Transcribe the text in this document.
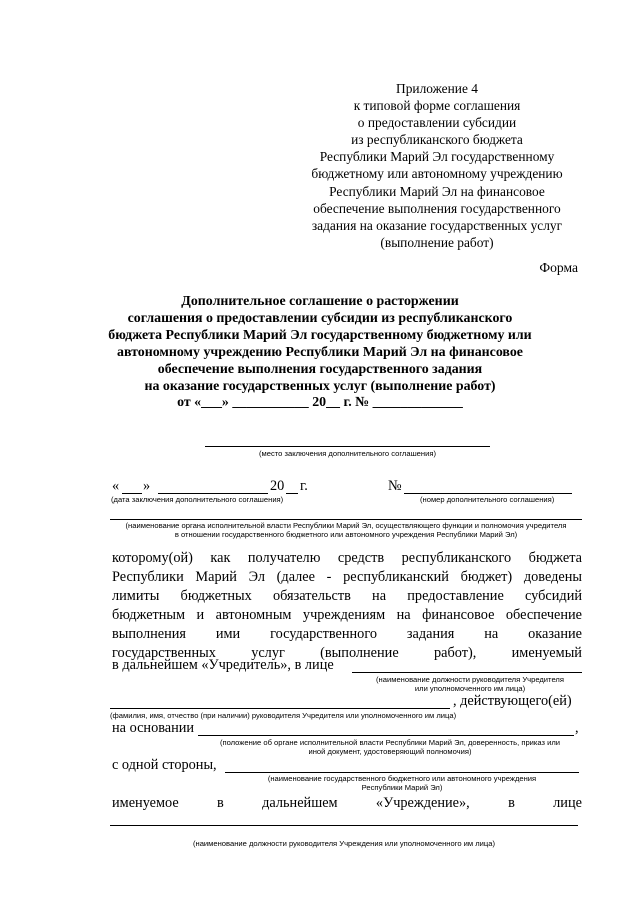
Приложение 4
к типовой форме соглашения
о предоставлении субсидии
из республиканского бюджета
Республики Марий Эл государственному
бюджетному или автономному учреждению
Республики Марий Эл на финансовое
обеспечение выполнения государственного
задания на оказание государственных услуг
(выполнение работ)
Форма
Дополнительное соглашение о расторжении
соглашения о предоставлении субсидии из республиканского
бюджета Республики Марий Эл государственному бюджетному или
автономному учреждению Республики Марий Эл на финансовое
обеспечение выполнения государственного задания
на оказание государственных услуг (выполнение работ)
от «___» ___________ 20__ г. № _____________
(место заключения дополнительного соглашения)
« »	20 г.	№
(дата заключения дополнительного соглашения)	(номер дополнительного соглашения)
(наименование органа исполнительной власти Республики Марий Эл, осуществляющего функции и полномочия учредителя
в отношении государственного бюджетного или автономного учреждения Республики Марий Эл)
которому(ой) как получателю средств республиканского бюджета
Республики Марий Эл (далее - республиканский бюджет) доведены
лимиты бюджетных обязательств на предоставление субсидий
бюджетным и автономным учреждениям на финансовое обеспечение
выполнения ими государственного задания на оказание
государственных услуг (выполнение работ), именуемый
в дальнейшем «Учредитель», в лице
(наименование должности руководителя Учредителя
или уполномоченного им лица)
, действующего(ей)
(фамилия, имя, отчество (при наличии) руководителя Учредителя или уполномоченного им лица)
на основании	,
(положение об органе исполнительной власти Республики Марий Эл, доверенность, приказ или
иной документ, удостоверяющий полномочия)
с одной стороны,
(наименование государственного бюджетного или автономного учреждения
Республики Марий Эл)
именуемое	в	дальнейшем	«Учреждение»,	в	лице
(наименование должности руководителя Учреждения или уполномоченного им лица)
